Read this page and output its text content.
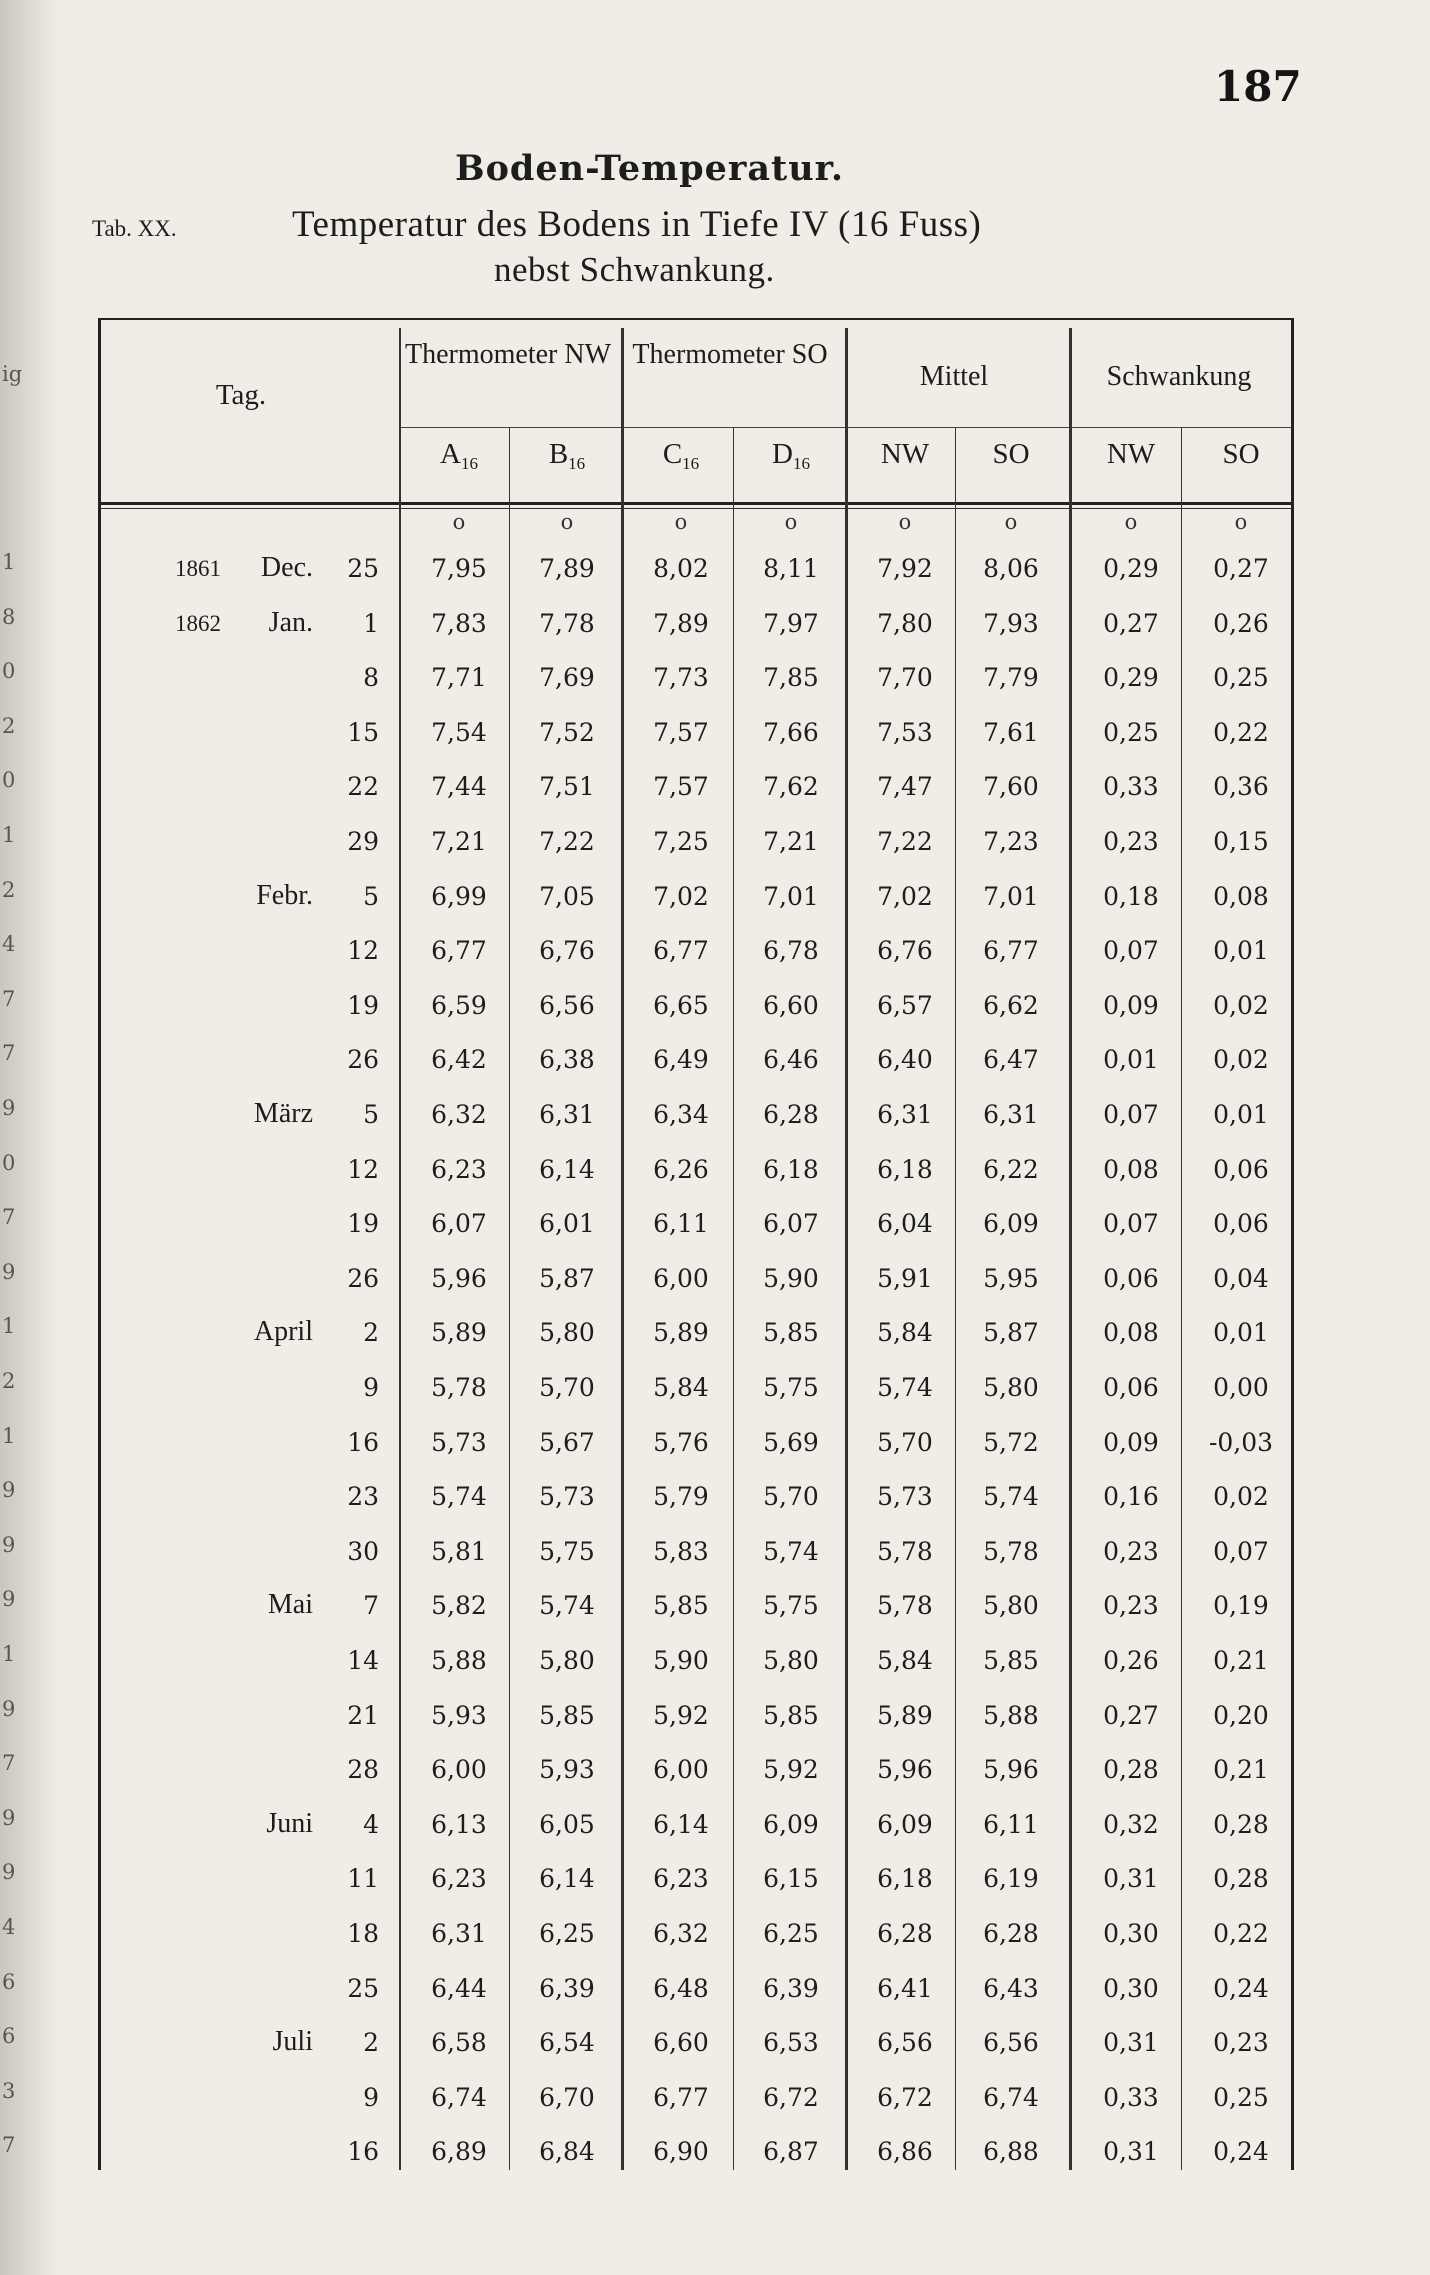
ig
1
8
0
2
0
1
2
4
7
7
9
0
7
9
1
2
1
9
9
9
1
9
7
9
9
4
6
6
3
7
187
Boden-Temperatur.
Tab. XX.	Temperatur des Bodens in Tiefe IV (16 Fuss)
nebst Schwankung.
Tag.
Thermometer NW Thermometer SO
Mittel	Schwankung
$A_{16}$	$B_{16}$	$C_{16}$	$D_{16}$	NW	SO	NW	SO
o	o	o	o	o	o	o	o
1861	Dec.	25	7,95	7,89	8,02	8,11	7,92	8,06	0,29	0,27
1862	Jan.	1	7,83	7,78	7,89	7,97	7,80	7,93	0,27	0,26
8	7,71	7,69	7,73	7,85	7,70	7,79	0,29	0,25
15	7,54	7,52	7,57	7,66	7,53	7,61	0,25	0,22
22	7,44	7,51	7,57	7,62	7,47	7,60	0,33	0,36
29	7,21	7,22	7,25	7,21	7,22	7,23	0,23	0,15
Febr.	5	6,99	7,05	7,02	7,01	7,02	7,01	0,18	0,08
12	6,77	6,76	6,77	6,78	6,76	6,77	0,07	0,01
19	6,59	6,56	6,65	6,60	6,57	6,62	0,09	0,02
26	6,42	6,38	6,49	6,46	6,40	6,47	0,01	0,02
März	5	6,32	6,31	6,34	6,28	6,31	6,31	0,07	0,01
12	6,23	6,14	6,26	6,18	6,18	6,22	0,08	0,06
19	6,07	6,01	6,11	6,07	6,04	6,09	0,07	0,06
26	5,96	5,87	6,00	5,90	5,91	5,95	0,06	0,04
April	2	5,89	5,80	5,89	5,85	5,84	5,87	0,08	0,01
9	5,78	5,70	5,84	5,75	5,74	5,80	0,06	0,00
16	5,73	5,67	5,76	5,69	5,70	5,72	0,09	-0,03
23	5,74	5,73	5,79	5,70	5,73	5,74	0,16	0,02
30	5,81	5,75	5,83	5,74	5,78	5,78	0,23	0,07
Mai	7	5,82	5,74	5,85	5,75	5,78	5,80	0,23	0,19
14	5,88	5,80	5,90	5,80	5,84	5,85	0,26	0,21
21	5,93	5,85	5,92	5,85	5,89	5,88	0,27	0,20
28	6,00	5,93	6,00	5,92	5,96	5,96	0,28	0,21
Juni	4	6,13	6,05	6,14	6,09	6,09	6,11	0,32	0,28
11	6,23	6,14	6,23	6,15	6,18	6,19	0,31	0,28
18	6,31	6,25	6,32	6,25	6,28	6,28	0,30	0,22
25	6,44	6,39	6,48	6,39	6,41	6,43	0,30	0,24
Juli	2	6,58	6,54	6,60	6,53	6,56	6,56	0,31	0,23
9	6,74	6,70	6,77	6,72	6,72	6,74	0,33	0,25
16	6,89	6,84	6,90	6,87	6,86	6,88	0,31	0,24
